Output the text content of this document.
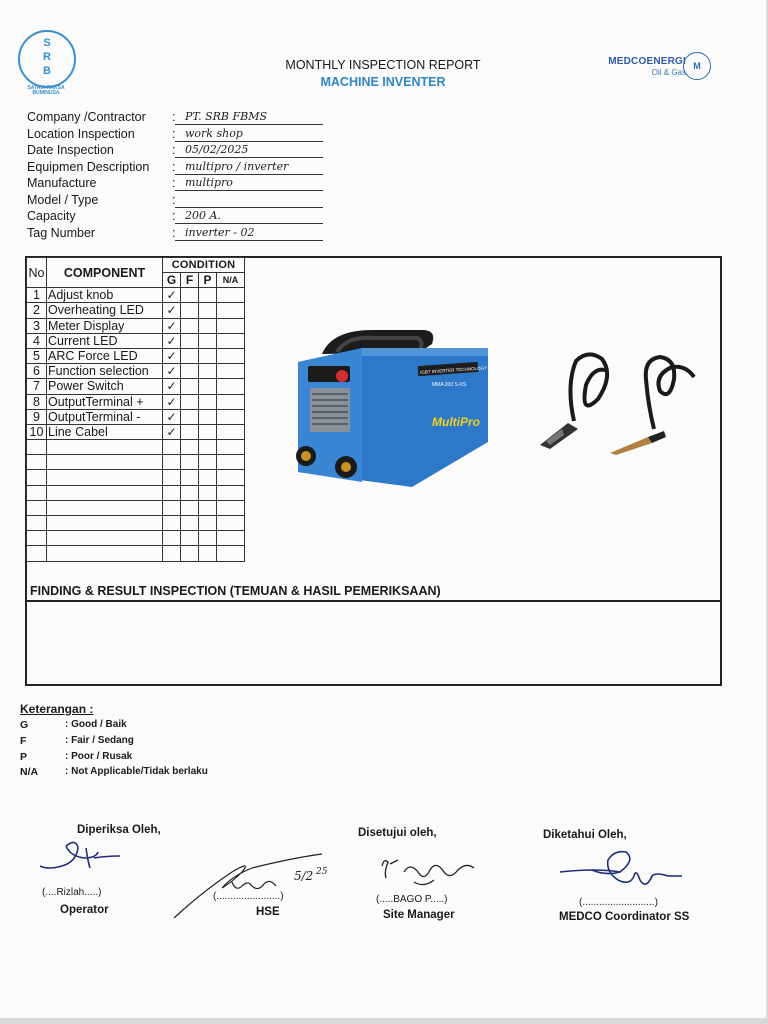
S
R
B
SATRIA RAKSA BUMINUSA
MONTHLY INSPECTION REPORT
MACHINE INVENTER
MEDCOENERGI
Oil & Gas
M
Company /Contractor : PT. SRB FBMS
Location Inspection	: work shop
Date Inspection	: 05/02/2025
Equipmen Description : multipro / inverter
Manufacture	: multipro
Model / Type	:
Capacity	: 200 A.
Tag Number	: inverter - 02
No	COMPONENT	CONDITION			
		G	F	P	N/A
1	Adjust knob	✓			
2	Overheating LED	✓			
3	Meter Display	✓			
4	Current LED	✓			
5	ARC Force LED	✓			
6	Function selection	✓			
7	Power Switch	✓			
8	OutputTerminal +	✓			
9	OutputTerminal -	✓			
10	Line Cabel	✓			

IGBT INVERTER TECHNOLOGY
MMA 200 S-XS
MultiPro
FINDING & RESULT INSPECTION (TEMUAN & HASIL PEMERIKSAAN)
Keterangan :
G	: Good / Baik
F	: Fair / Sedang
P	: Poor / Rusak
N/A	: Not Applicable/Tidak berlaku
Diperiksa Oleh,	Disetujui oleh,	Diketahui Oleh,
5/2 25
(....Rizlah.....)
Operator
(.......................)
HSE
(.....BAGO P.....)
Site Manager
(..........................)
MEDCO Coordinator SS
